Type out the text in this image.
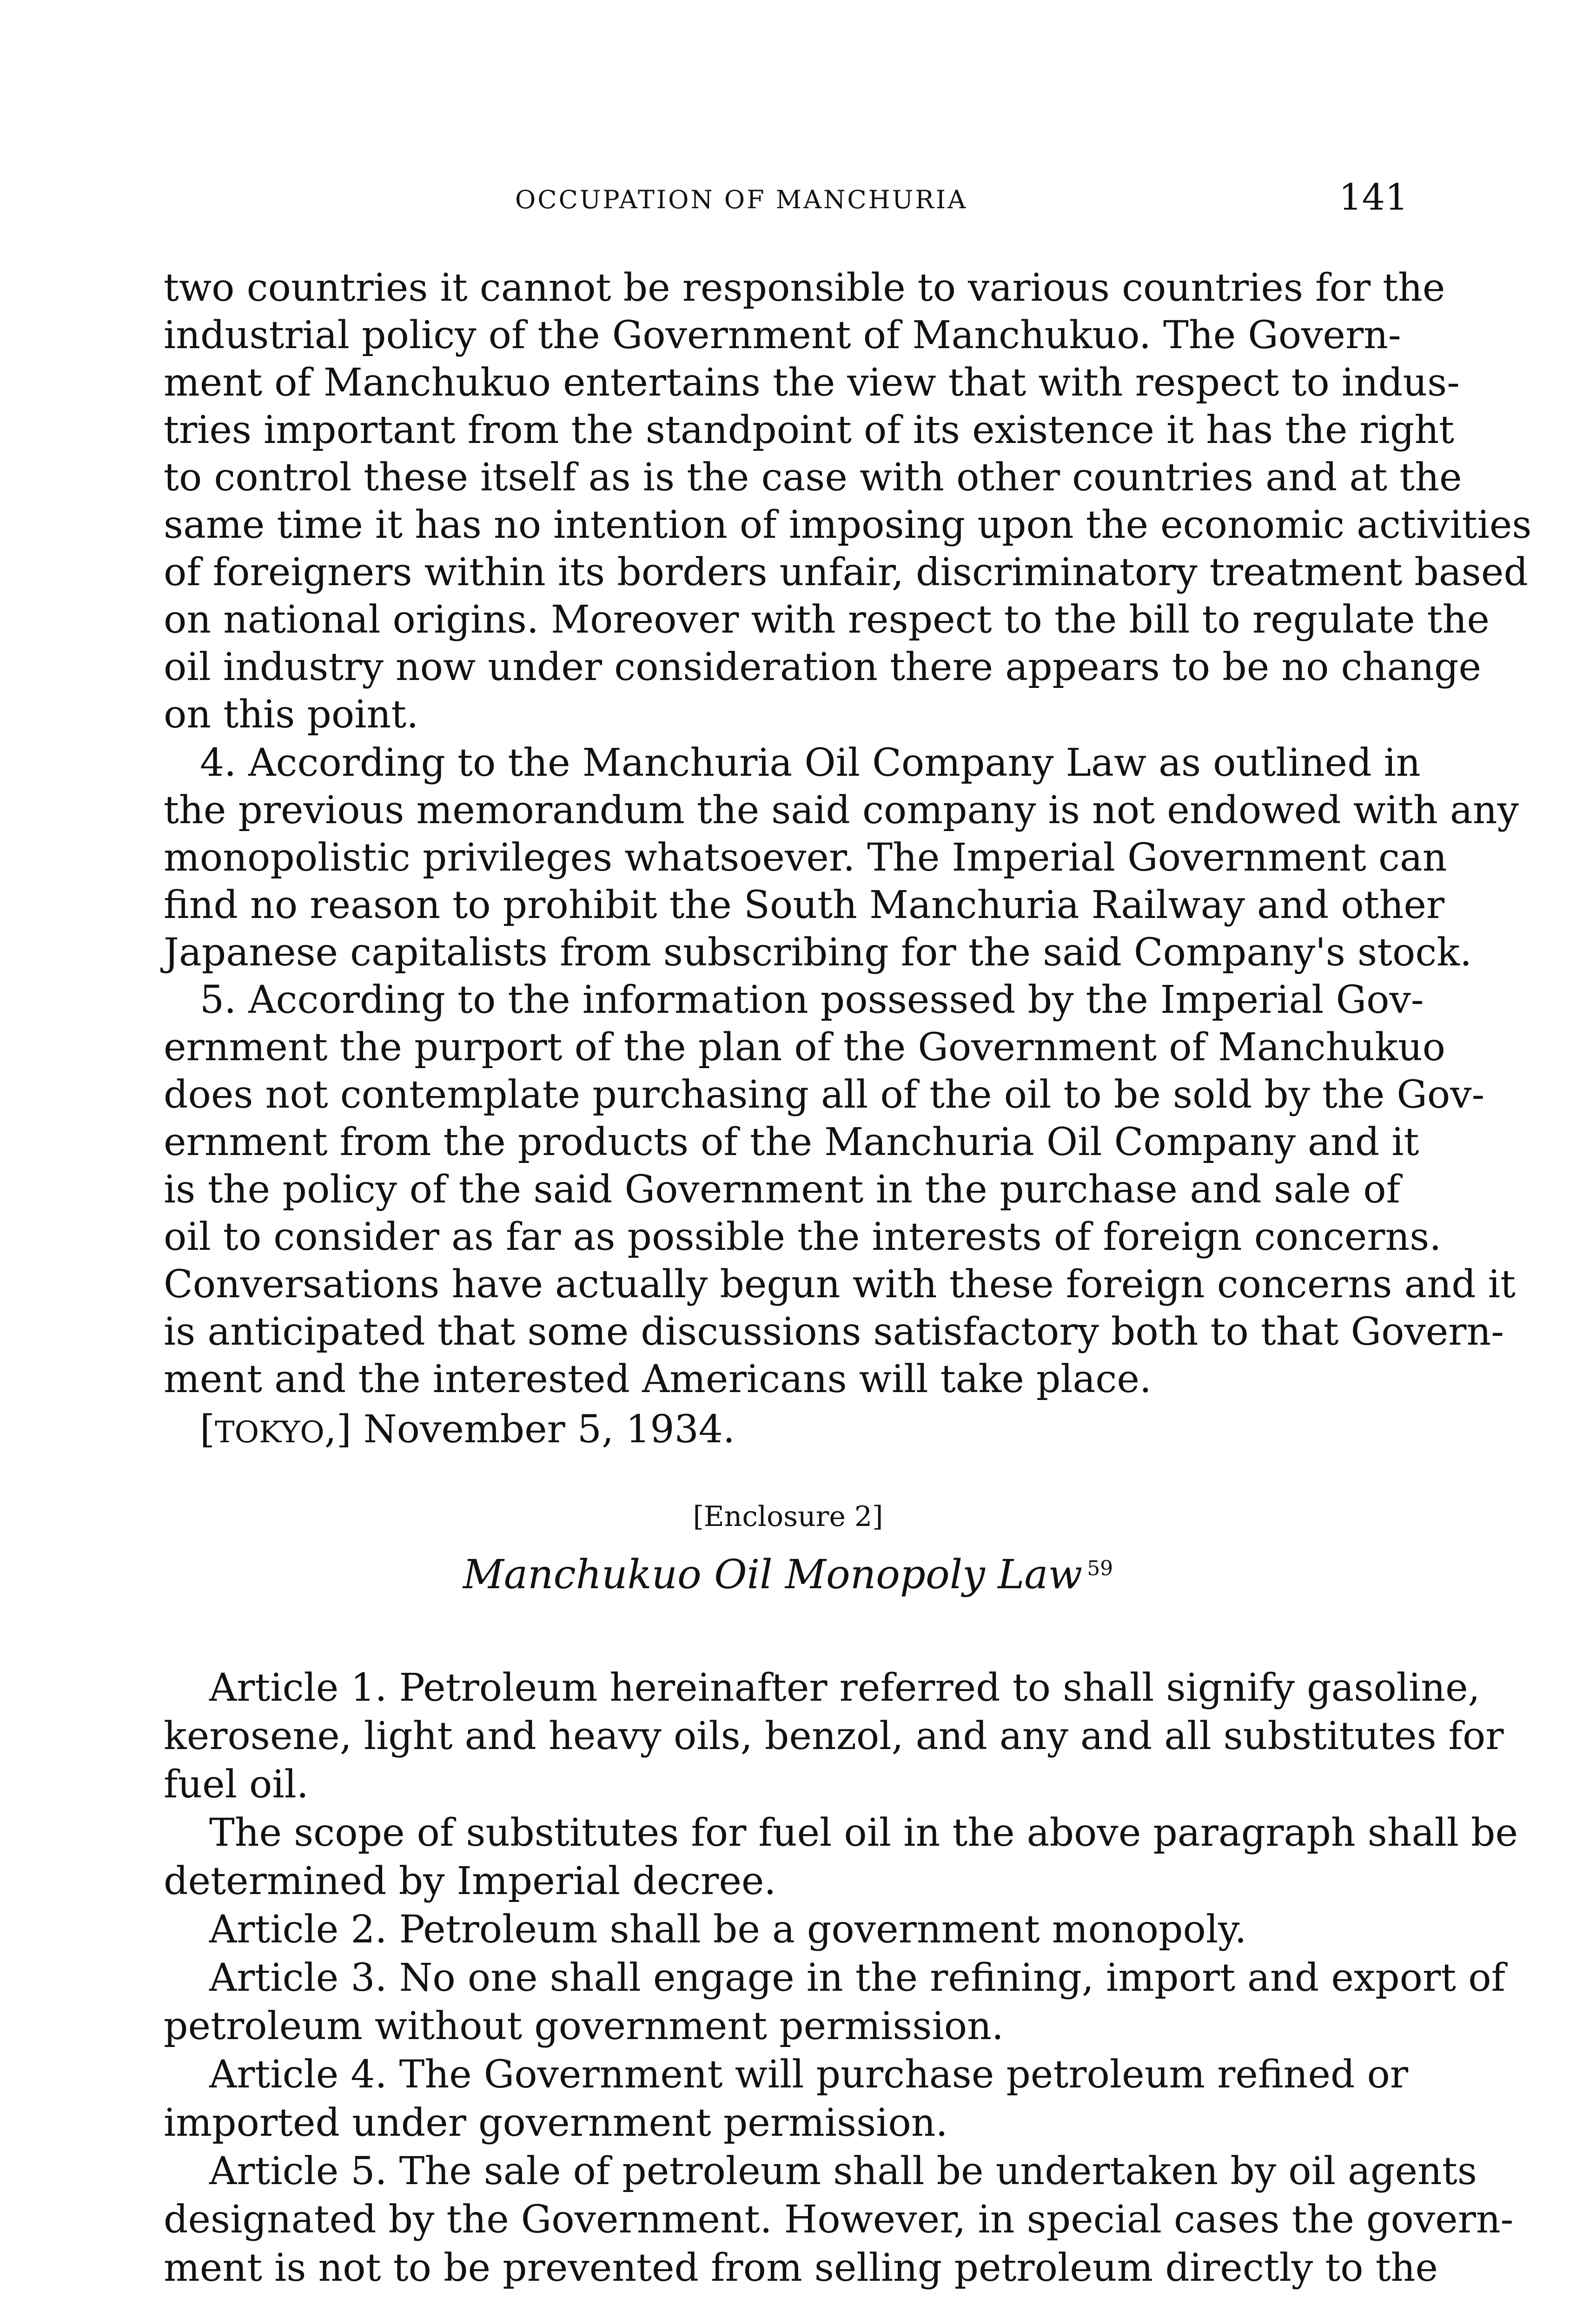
OCCUPATION OF MANCHURIA	141
two countries it cannot be responsible to various countries for the
industrial policy of the Government of Manchukuo. The Govern-
ment of Manchukuo entertains the view that with respect to indus-
tries important from the standpoint of its existence it has the right
to control these itself as is the case with other countries and at the
same time it has no intention of imposing upon the economic activities
of foreigners within its borders unfair, discriminatory treatment based
on national origins. Moreover with respect to the bill to regulate the
oil industry now under consideration there appears to be no change
on this point.
4. According to the Manchuria Oil Company Law as outlined in
the previous memorandum the said company is not endowed with any
monopolistic privileges whatsoever. The Imperial Government can
find no reason to prohibit the South Manchuria Railway and other
Japanese capitalists from subscribing for the said Company's stock.
5. According to the information possessed by the Imperial Gov-
ernment the purport of the plan of the Government of Manchukuo
does not contemplate purchasing all of the oil to be sold by the Gov-
ernment from the products of the Manchuria Oil Company and it
is the policy of the said Government in the purchase and sale of
oil to consider as far as possible the interests of foreign concerns.
Conversations have actually begun with these foreign concerns and it
is anticipated that some discussions satisfactory both to that Govern-
ment and the interested Americans will take place.
[TOKYO,] November 5, 1934.
[Enclosure 2]
Manchukuo Oil Monopoly Law $^{59}$
Article 1. Petroleum hereinafter referred to shall signify gasoline,
kerosene, light and heavy oils, benzol, and any and all substitutes for
fuel oil.
The scope of substitutes for fuel oil in the above paragraph shall be
determined by Imperial decree.
Article 2. Petroleum shall be a government monopoly.
Article 3. No one shall engage in the refining, import and export of
petroleum without government permission.
Article 4. The Government will purchase petroleum refined or
imported under government permission.
Article 5. The sale of petroleum shall be undertaken by oil agents
designated by the Government. However, in special cases the govern-
ment is not to be prevented from selling petroleum directly to the
